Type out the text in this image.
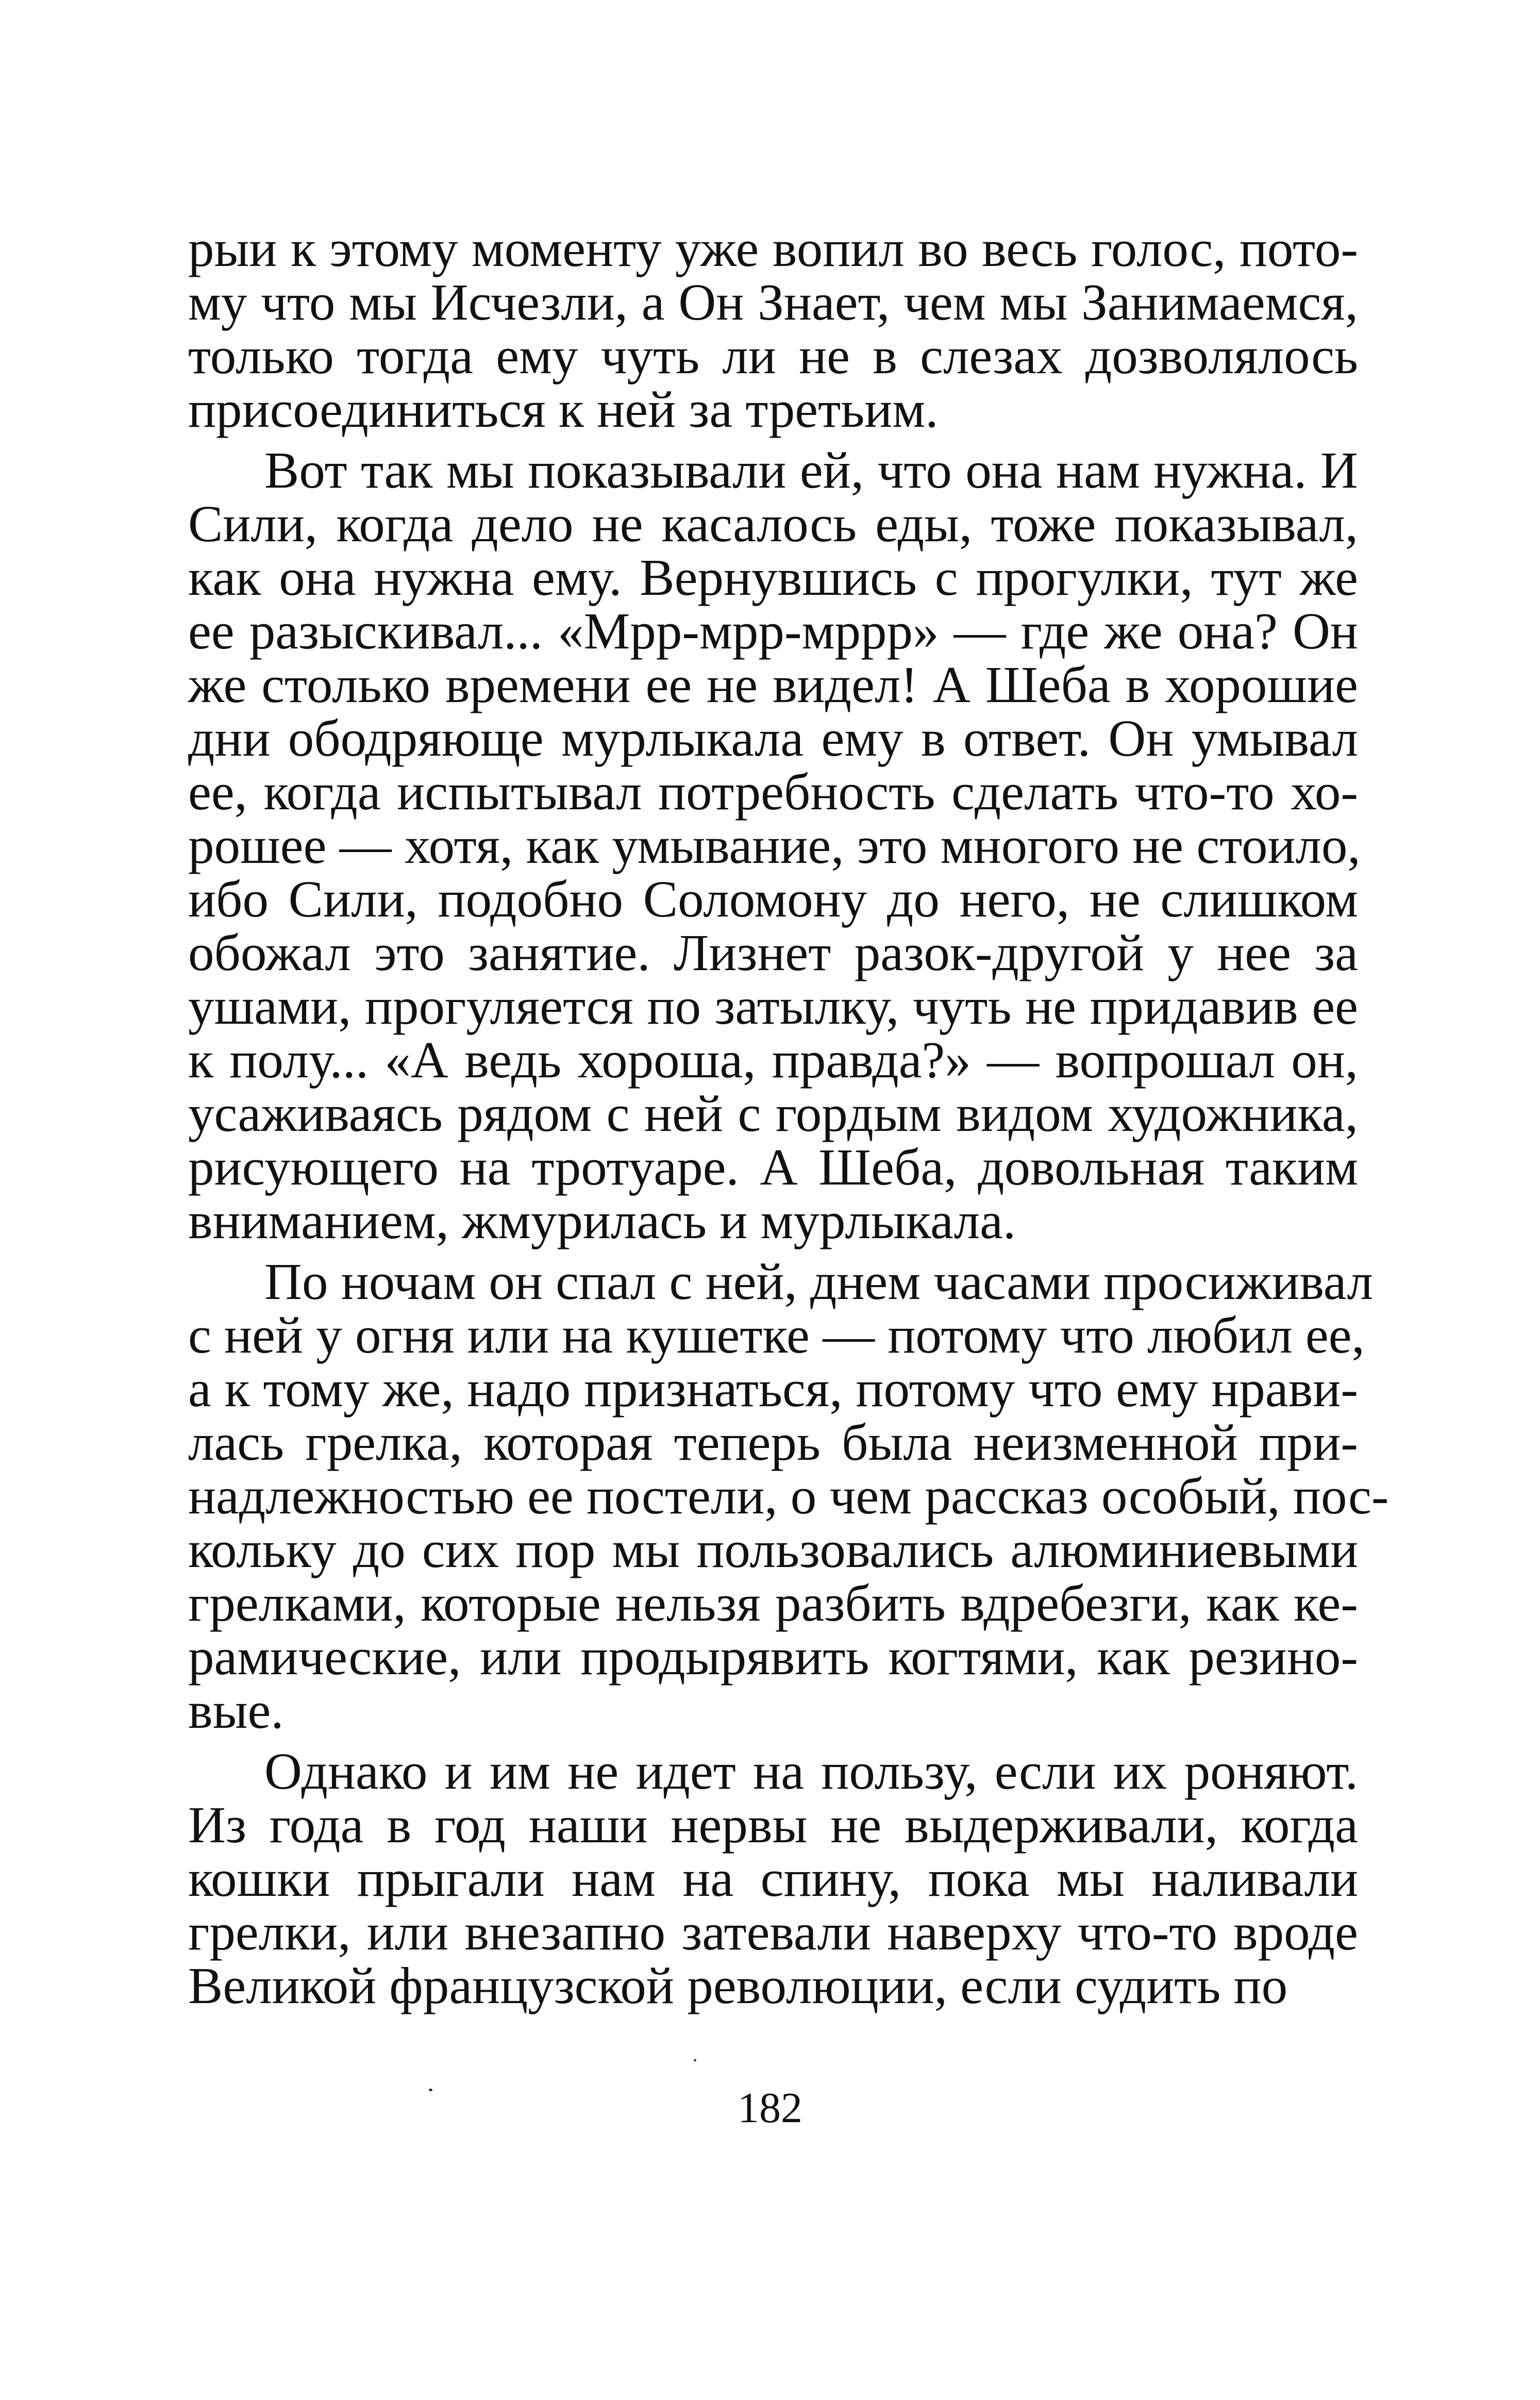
рыи к этому моменту уже вопил во весь голос, пото-
му что мы Исчезли, а Он Знает, чем мы Занимаемся,
только тогда ему чуть ли не в слезах дозволялось
присоединиться к ней за третьим.
Вот так мы показывали ей, что она нам нужна. И
Сили, когда дело не касалось еды, тоже показывал,
как она нужна ему. Вернувшись с прогулки, тут же
ее разыскивал... «Мрр-мрр-мррр» — где же она? Он
же столько времени ее не видел! А Шеба в хорошие
дни ободряюще мурлыкала ему в ответ. Он умывал
ее, когда испытывал потребность сделать что-то хо-
рошее — хотя, как умывание, это многого не стоило,
ибо Сили, подобно Соломону до него, не слишком
обожал это занятие. Лизнет разок-другой у нее за
ушами, прогуляется по затылку, чуть не придавив ее
к полу... «А ведь хороша, правда?» — вопрошал он,
усаживаясь рядом с ней с гордым видом художника,
рисующего на тротуаре. А Шеба, довольная таким
вниманием, жмурилась и мурлыкала.
По ночам он спал с ней, днем часами просиживал
с ней у огня или на кушетке — потому что любил ее,
а к тому же, надо признаться, потому что ему нрави-
лась грелка, которая теперь была неизменной при-
надлежностью ее постели, о чем рассказ особый, пос-
кольку до сих пор мы пользовались алюминиевыми
грелками, которые нельзя разбить вдребезги, как ке-
рамические, или продырявить когтями, как резино-
вые.
Однако и им не идет на пользу, если их роняют.
Из года в год наши нервы не выдерживали, когда
кошки прыгали нам на спину, пока мы наливали
грелки, или внезапно затевали наверху что-то вроде
Великой французской революции, если судить по
182
